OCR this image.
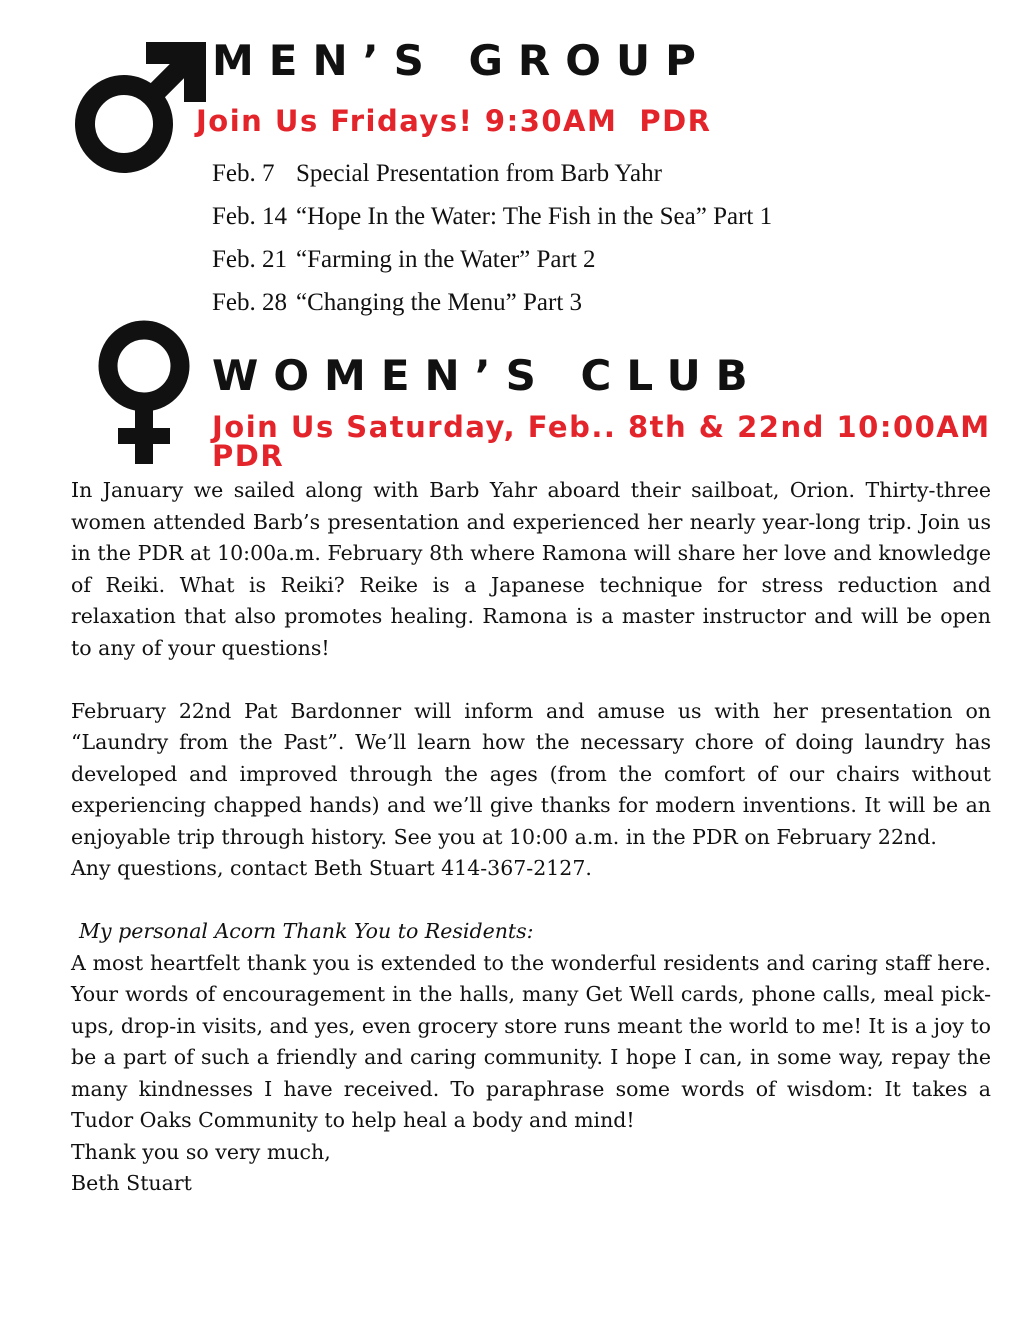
MEN’S GROUP
Join Us Fridays! 9:30AM PDR
Feb. 7 Special Presentation from Barb Yahr
Feb. 14 “Hope In the Water: The Fish in the Sea” Part 1
Feb. 21 “Farming in the Water” Part 2
Feb. 28 “Changing the Menu” Part 3
WOMEN’S CLUB
Join Us Saturday, Feb.. 8th & 22nd 10:00AM
PDR

In January we sailed along with Barb Yahr aboard their sailboat, Orion. Thirty-three women attended Barb’s presentation and experienced her nearly year-long trip. Join us in the PDR at 10:00a.m. February 8th where Ramona will share her love and knowledge of Reiki. What is Reiki? Reike is a Japanese technique for stress reduction and relaxation that also promotes healing. Ramona is a master instructor and will be open to any of your questions!

February 22nd Pat Bardonner will inform and amuse us with her presentation on “Laundry from the Past”. We’ll learn how the necessary chore of doing laundry has developed and improved through the ages (from the comfort of our chairs without experiencing chapped hands) and we’ll give thanks for modern inventions. It will be an enjoyable trip through history. See you at 10:00 a.m. in the PDR on February 22nd.

Any questions, contact Beth Stuart 414-367-2127.

My personal Acorn Thank You to Residents:

A most heartfelt thank you is extended to the wonderful residents and caring staff here. Your words of encouragement in the halls, many Get Well cards, phone calls, meal pick-ups, drop-in visits, and yes, even grocery store runs meant the world to me! It is a joy to be a part of such a friendly and caring community. I hope I can, in some way, repay the many kindnesses I have received. To paraphrase some words of wisdom: It takes a Tudor Oaks Community to help heal a body and mind!

Thank you so very much,
Beth Stuart
